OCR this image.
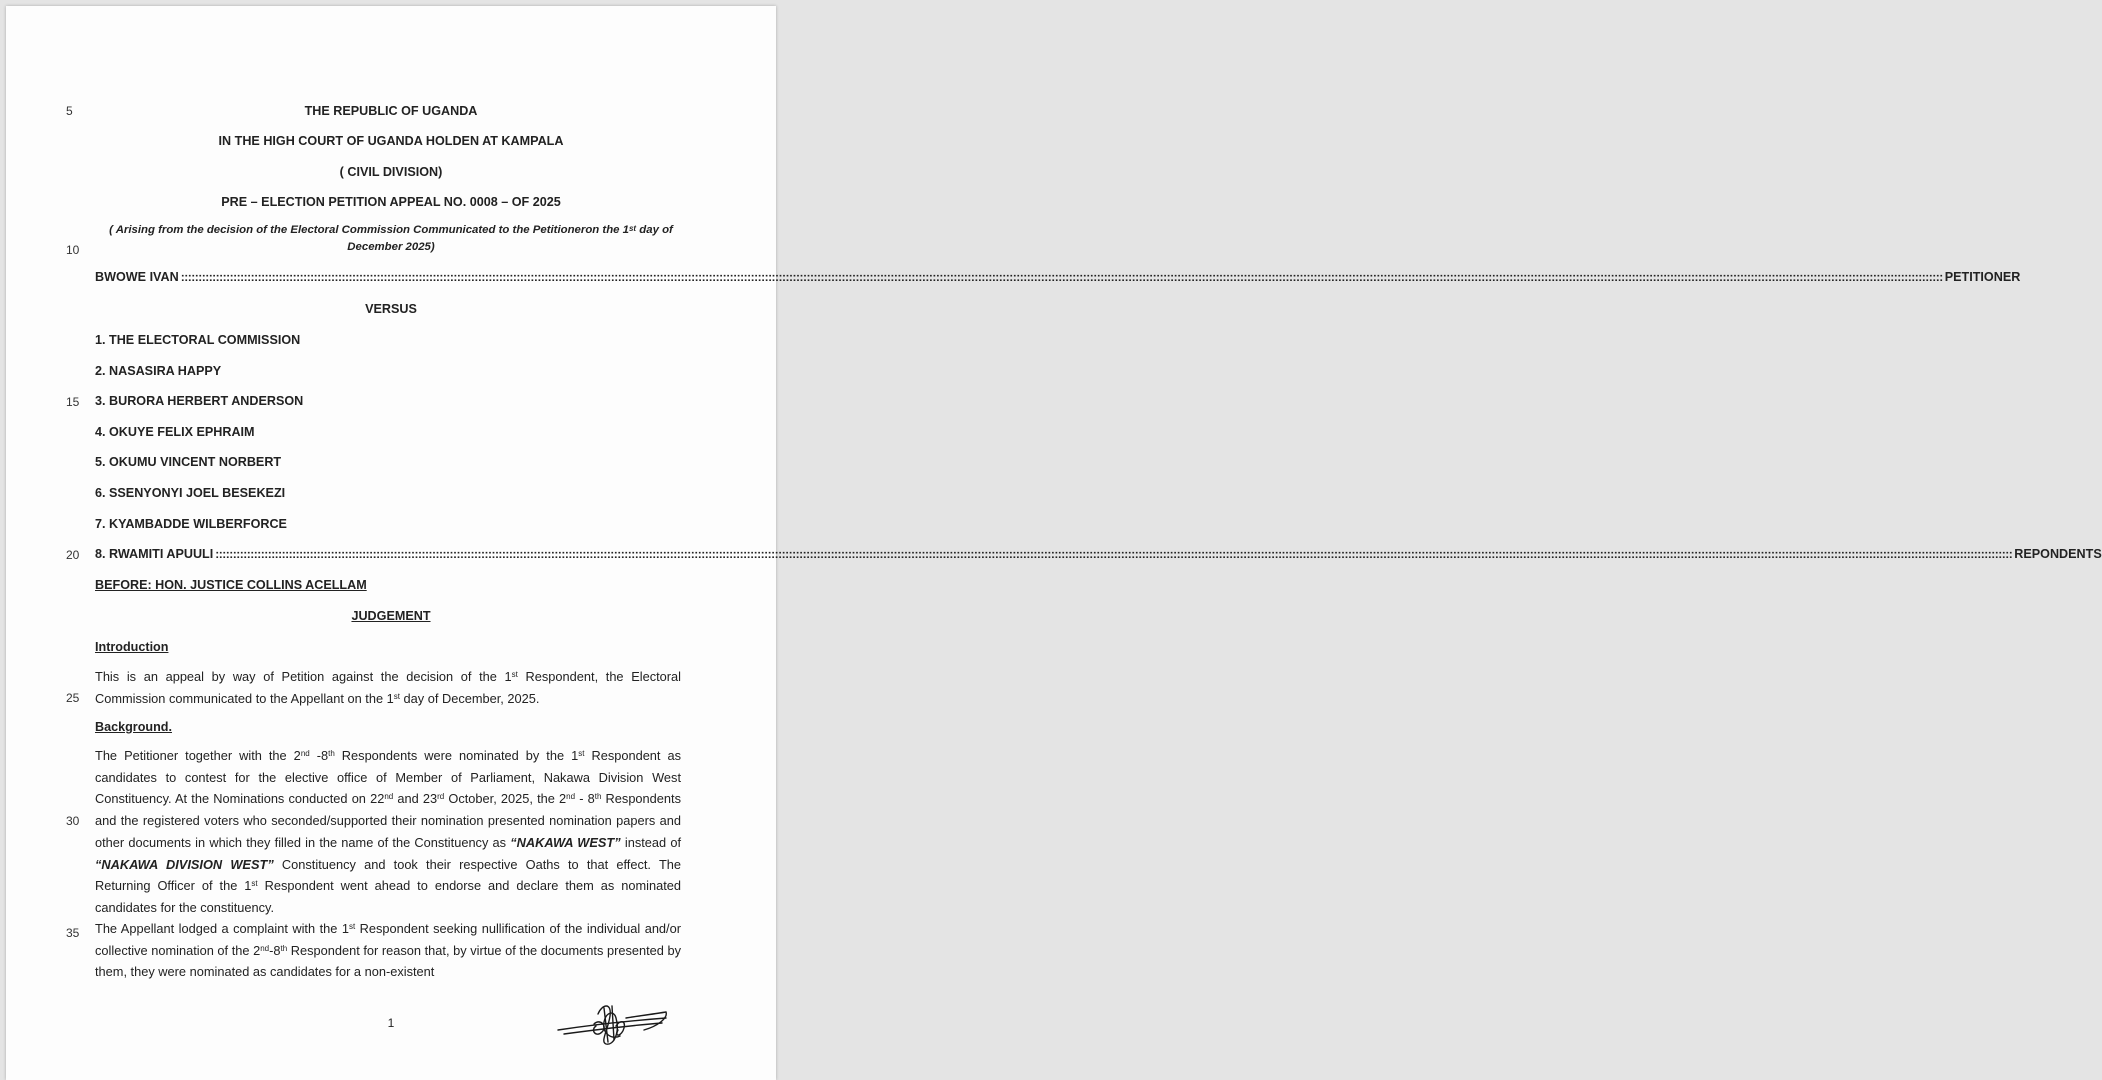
5
10
15
20
25
30
35
THE REPUBLIC OF UGANDA
IN THE HIGH COURT OF UGANDA HOLDEN AT KAMPALA
( CIVIL DIVISION)
PRE – ELECTION PETITION APPEAL NO. 0008 – OF 2025
( Arising from the decision of the Electoral Commission Communicated to the Petitioneron the 1st day of
December 2025)
BWOWE IVAN :::::::::::::::::::::::::::::::::::::::::::::::::::::::::::::::::::::::::::::::::::::::::::::::::::::::::::::::::::::::::::::::::::::::::::::::::::::::::::::::::::::::::::::::::::::::::::::::::::::::::::::::::::::::::::::::::::::::::::::::::::::::::::::::::::::::::::::::::::::::::::::::::::::::::::::::::::::::::::::::::::::::::::::::::::::::::::::::::::::::::::::::::::::::::::::::::::::::::::::::::::::::::::::::::::::::::::::::::::::::::::::::::::::::::::::::::::::::::::::::::::::::::::::::::::::::: PETITIONER
VERSUS
1. THE ELECTORAL COMMISSION
2. NASASIRA HAPPY
3. BURORA HERBERT ANDERSON
4. OKUYE FELIX EPHRAIM
5. OKUMU VINCENT NORBERT
6. SSENYONYI JOEL BESEKEZI
7. KYAMBADDE WILBERFORCE
8. RWAMITI APUULI :::::::::::::::::::::::::::::::::::::::::::::::::::::::::::::::::::::::::::::::::::::::::::::::::::::::::::::::::::::::::::::::::::::::::::::::::::::::::::::::::::::::::::::::::::::::::::::::::::::::::::::::::::::::::::::::::::::::::::::::::::::::::::::::::::::::::::::::::::::::::::::::::::::::::::::::::::::::::::::::::::::::::::::::::::::::::::::::::::::::::::::::::::::::::::::::::::::::::::::::::::::::::::::::::::::::::::::::::::::::::::::::::::::::::::::::::::::::::::::::::::::::::::::::::::::::::::::::::: REPONDENTS
BEFORE: HON. JUSTICE COLLINS ACELLAM
JUDGEMENT
Introduction
This is an appeal by way of Petition against the decision of the 1st Respondent, the Electoral Commission communicated to the Appellant on the 1st day of December, 2025.
Background.
The Petitioner together with the 2nd -8th Respondents were nominated by the 1st Respondent as candidates to contest for the elective office of Member of Parliament, Nakawa Division West Constituency. At the Nominations conducted on 22nd and 23rd October, 2025, the 2nd - 8th Respondents and the registered voters who seconded/supported their nomination presented nomination papers and other documents in which they filled in the name of the Constituency as “NAKAWA WEST” instead of “NAKAWA DIVISION WEST” Constituency and took their respective Oaths to that effect. The Returning Officer of the 1st Respondent went ahead to endorse and declare them as nominated candidates for the constituency.
The Appellant lodged a complaint with the 1st Respondent seeking nullification of the individual and/or collective nomination of the 2nd-8th Respondent for reason that, by virtue of the documents presented by them, they were nominated as candidates for a non-existent
1
